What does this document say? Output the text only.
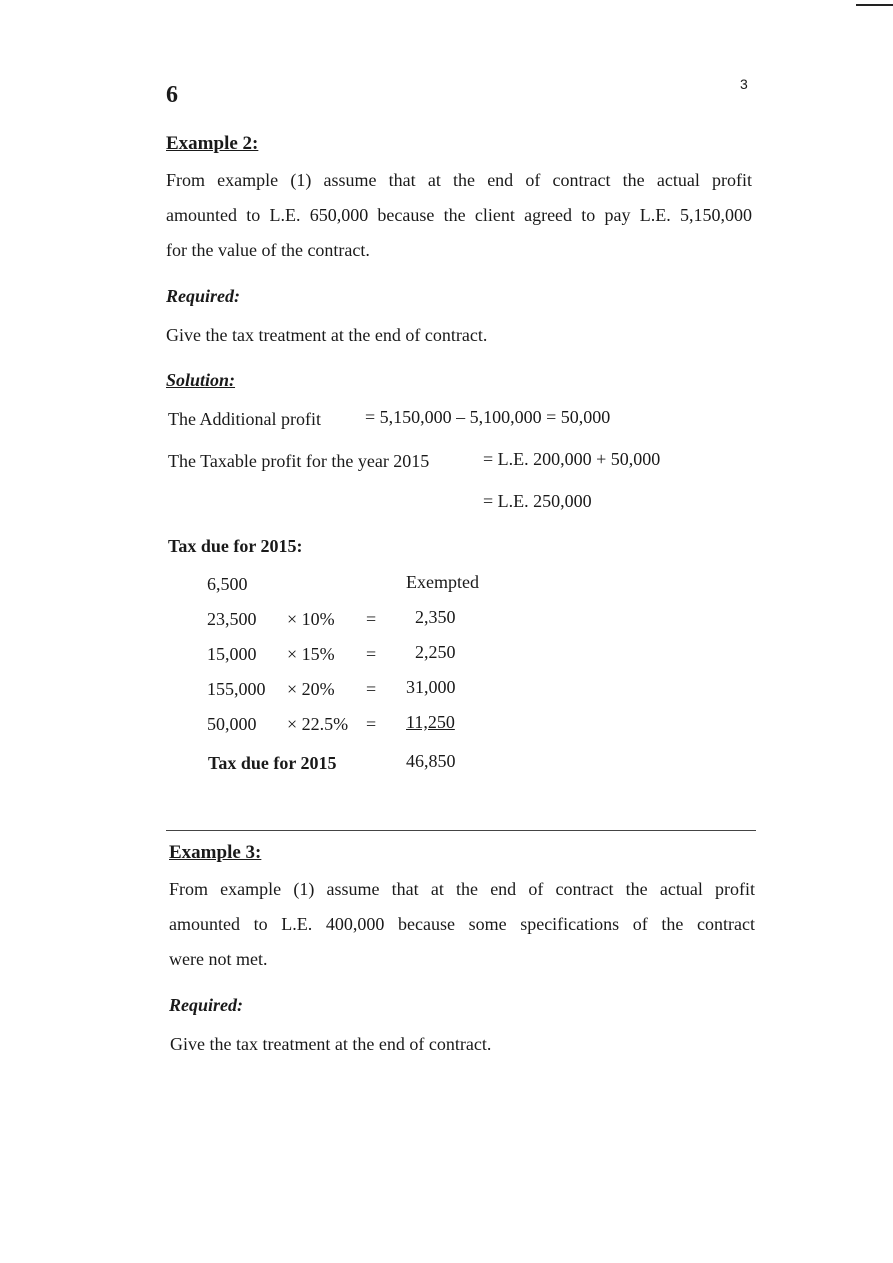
6	3
Example 2:
From example (1) assume that at the end of contract the actual profit
amounted to L.E. 650,000 because the client agreed to pay L.E. 5,150,000
for the value of the contract.
Required:
Give the tax treatment at the end of contract.
Solution:
The Additional profit = 5,150,000 – 5,100,000 = 50,000
The Taxable profit for the year 2015	= L.E. 200,000 + 50,000
= L.E. 250,000
Tax due for 2015:
6,500	Exempted
23,500 × 10% = 2,350
15,000 × 15% = 2,250
155,000 × 20% = 31,000
50,000 × 22.5% = 11,250
Tax due for 2015	46,850
Example 3:
From example (1) assume that at the end of contract the actual profit
amounted to L.E. 400,000 because some specifications of the contract
were not met.
Required:
Give the tax treatment at the end of contract.
